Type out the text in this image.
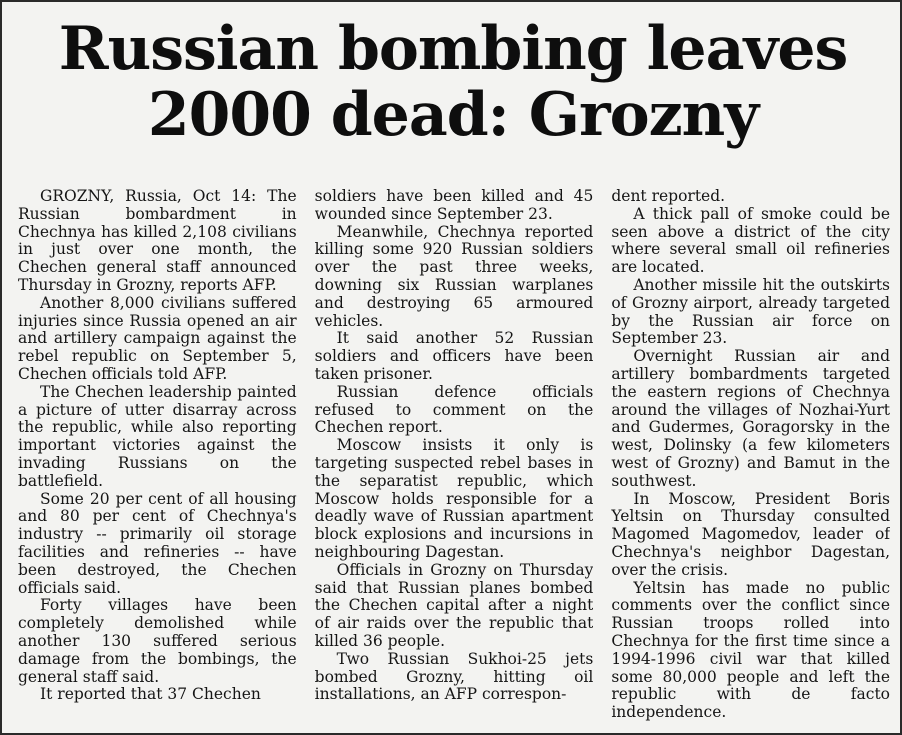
Russian bombing leaves
2000 dead: Grozny

GROZNY, Russia, Oct 14: The Russian bombardment in Chechnya has killed 2,108 civilians in just over one month, the Chechen general staff announced Thursday in Grozny, reports AFP.

Another 8,000 civilians suffered injuries since Russia opened an air and artillery campaign against the rebel republic on September 5, Chechen officials told AFP.

The Chechen leadership painted a picture of utter disarray across the republic, while also reporting important victories against the invading Russians on the battlefield.

Some 20 per cent of all housing and 80 per cent of Chechnya's industry -- primarily oil storage facilities and refineries -- have been destroyed, the Chechen officials said.

Forty villages have been completely demolished while another 130 suffered serious damage from the bombings, the general staff said.

It reported that 37 Chechen

soldiers have been killed and 45 wounded since September 23.

Meanwhile, Chechnya reported killing some 920 Russian soldiers over the past three weeks, downing six Russian warplanes and destroying 65 armoured vehicles.

It said another 52 Russian soldiers and officers have been taken prisoner.

Russian defence officials refused to comment on the Chechen report.

Moscow insists it only is targeting suspected rebel bases in the separatist republic, which Moscow holds responsible for a deadly wave of Russian apartment block explosions and incursions in neighbouring Dagestan.

Officials in Grozny on Thursday said that Russian planes bombed the Chechen capital after a night of air raids over the republic that killed 36 people.

Two Russian Sukhoi-25 jets bombed Grozny, hitting oil installations, an AFP correspon-

dent reported.

A thick pall of smoke could be seen above a district of the city where several small oil refineries are located.

Another missile hit the outskirts of Grozny airport, already targeted by the Russian air force on September 23.

Overnight Russian air and artillery bombardments targeted the eastern regions of Chechnya around the villages of Nozhai-Yurt and Gudermes, Goragorsky in the west, Dolinsky (a few kilometers west of Grozny) and Bamut in the southwest.

In Moscow, President Boris Yeltsin on Thursday consulted Magomed Magomedov, leader of Chechnya's neighbor Dagestan, over the crisis.

Yeltsin has made no public comments over the conflict since Russian troops rolled into Chechnya for the first time since a 1994-1996 civil war that killed some 80,000 people and left the republic with de facto independence.
